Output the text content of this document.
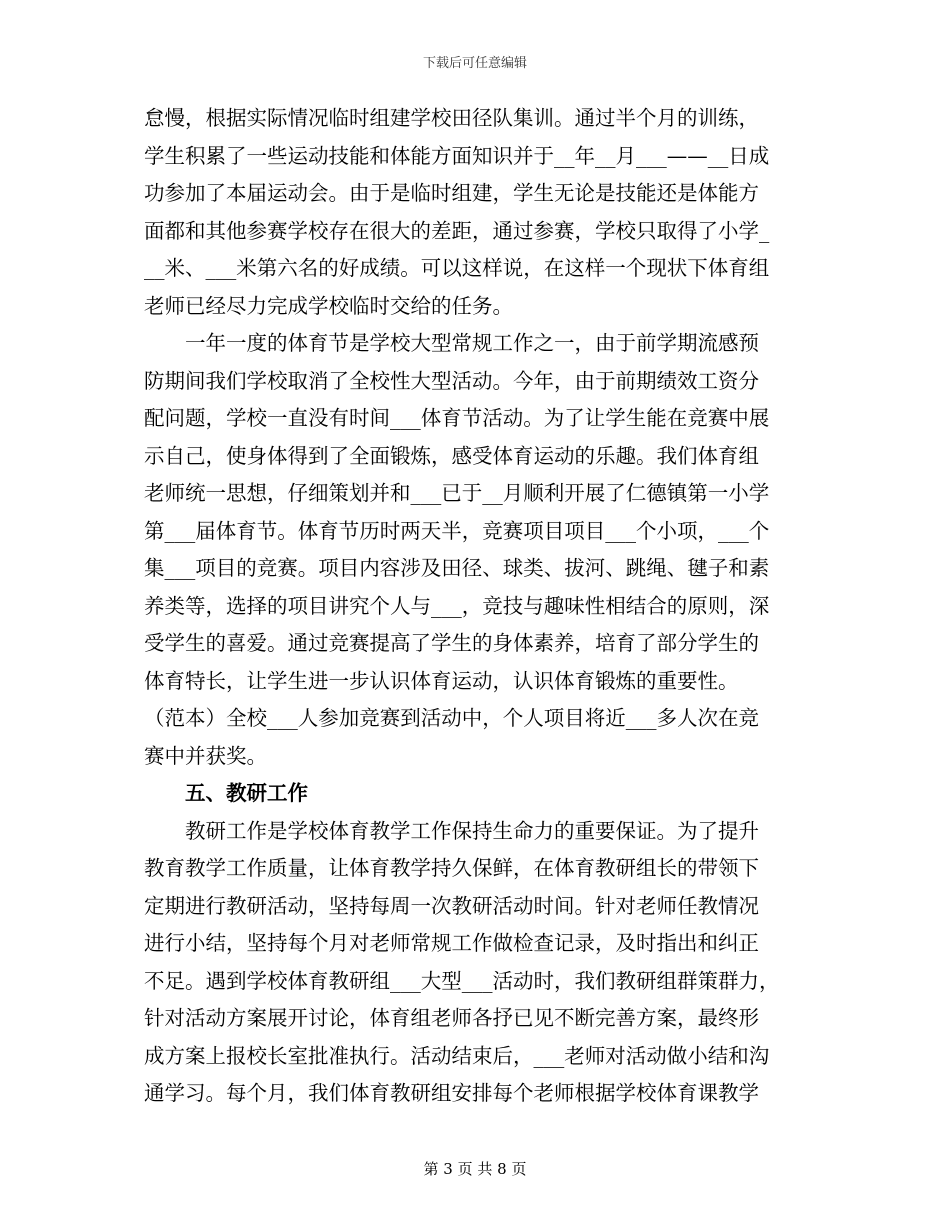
下载后可任意编辑
怠慢，根据实际情况临时组建学校田径队集训。通过半个月的训练，
学生积累了一些运动技能和体能方面知识并于__年__月___——__日成
功参加了本届运动会。由于是临时组建，学生无论是技能还是体能方
面都和其他参赛学校存在很大的差距，通过参赛，学校只取得了小学_
__米、___米第六名的好成绩。可以这样说，在这样一个现状下体育组
老师已经尽力完成学校临时交给的任务。
一年一度的体育节是学校大型常规工作之一，由于前学期流感预
防期间我们学校取消了全校性大型活动。今年，由于前期绩效工资分
配问题，学校一直没有时间___体育节活动。为了让学生能在竞赛中展
示自己，使身体得到了全面锻炼，感受体育运动的乐趣。我们体育组
老师统一思想，仔细策划并和___已于__月顺利开展了仁德镇第一小学
第___届体育节。体育节历时两天半，竞赛项目项目___个小项，___个
集___项目的竞赛。项目内容涉及田径、球类、拔河、跳绳、毽子和素
养类等，选择的项目讲究个人与___，竞技与趣味性相结合的原则，深
受学生的喜爱。通过竞赛提高了学生的身体素养，培育了部分学生的
体育特长，让学生进一步认识体育运动，认识体育锻炼的重要性。
（范本）全校___人参加竞赛到活动中，个人项目将近___多人次在竞
赛中并获奖。
五、教研工作
教研工作是学校体育教学工作保持生命力的重要保证。为了提升
教育教学工作质量，让体育教学持久保鲜，在体育教研组长的带领下
定期进行教研活动，坚持每周一次教研活动时间。针对老师任教情况
进行小结，坚持每个月对老师常规工作做检查记录，及时指出和纠正
不足。遇到学校体育教研组___大型___活动时，我们教研组群策群力，
针对活动方案展开讨论，体育组老师各抒已见不断完善方案，最终形
成方案上报校长室批准执行。活动结束后，___老师对活动做小结和沟
通学习。每个月，我们体育教研组安排每个老师根据学校体育课教学
第 3 页 共 8 页
